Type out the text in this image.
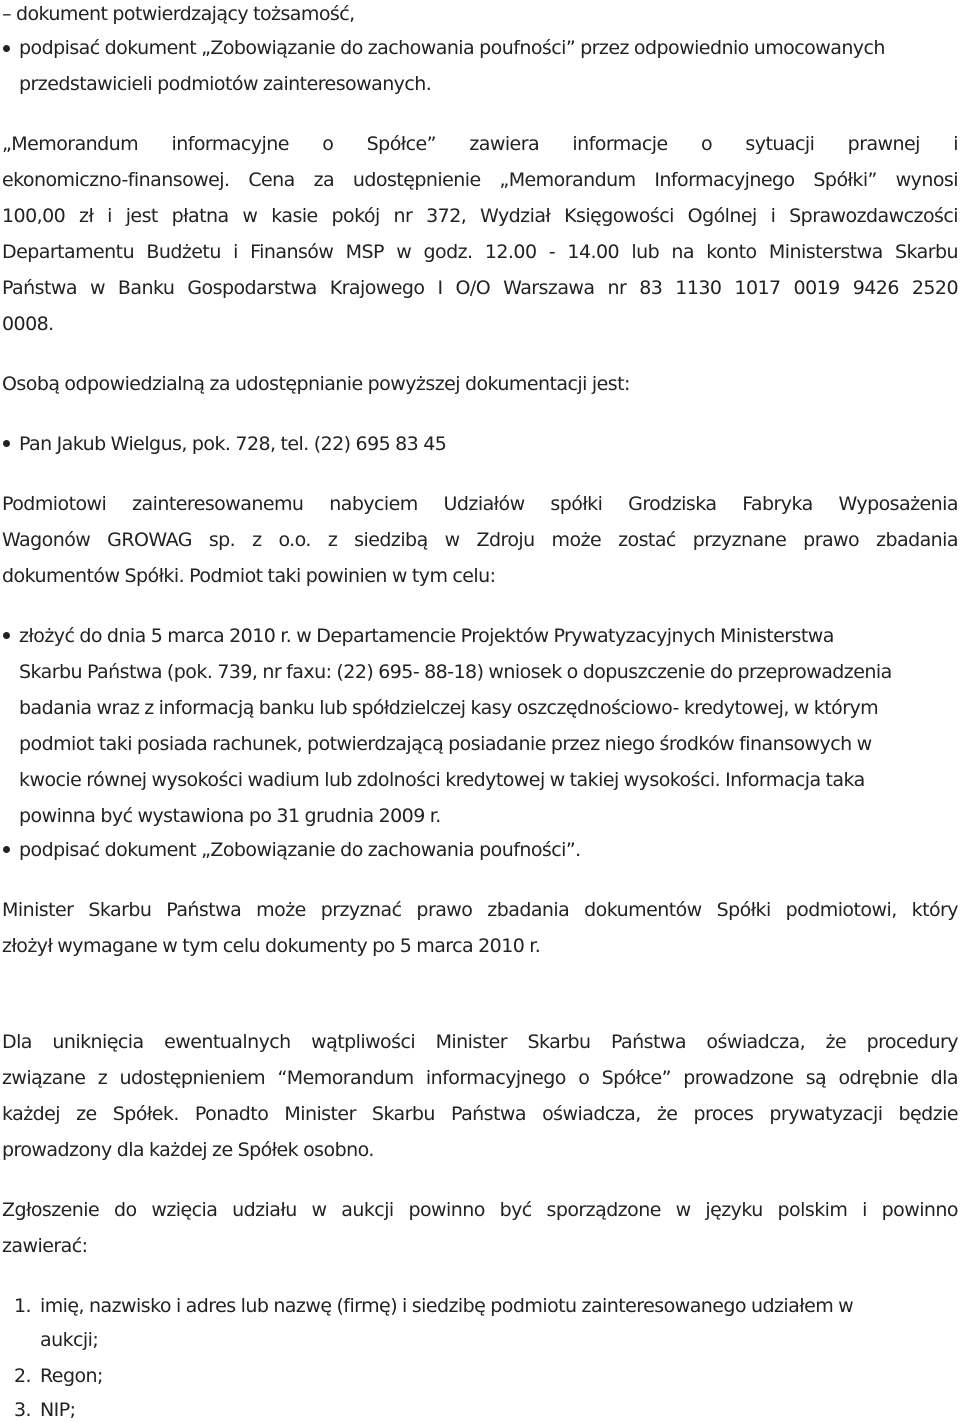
– dokument potwierdzający tożsamość,
podpisać dokument „Zobowiązanie do zachowania poufności” przez odpowiednio umocowanych
przedstawicieli podmiotów zainteresowanych.
„Memorandum informacyjne o Spółce” zawiera informacje o sytuacji prawnej i
ekonomiczno-finansowej. Cena za udostępnienie „Memorandum Informacyjnego Spółki” wynosi
100,00 zł i jest płatna w kasie pokój nr 372, Wydział Księgowości Ogólnej i Sprawozdawczości
Departamentu Budżetu i Finansów MSP w godz. 12.00 - 14.00 lub na konto Ministerstwa Skarbu
Państwa w Banku Gospodarstwa Krajowego I O/O Warszawa nr 83 1130 1017 0019 9426 2520
0008.
Osobą odpowiedzialną za udostępnianie powyższej dokumentacji jest:
Pan Jakub Wielgus, pok. 728, tel. (22) 695 83 45
Podmiotowi zainteresowanemu nabyciem Udziałów spółki Grodziska Fabryka Wyposażenia
Wagonów GROWAG sp. z o.o. z siedzibą w Zdroju może zostać przyznane prawo zbadania
dokumentów Spółki. Podmiot taki powinien w tym celu:
złożyć do dnia 5 marca 2010 r. w Departamencie Projektów Prywatyzacyjnych Ministerstwa
Skarbu Państwa (pok. 739, nr faxu: (22) 695- 88-18) wniosek o dopuszczenie do przeprowadzenia
badania wraz z informacją banku lub spółdzielczej kasy oszczędnościowo- kredytowej, w którym
podmiot taki posiada rachunek, potwierdzającą posiadanie przez niego środków finansowych w
kwocie równej wysokości wadium lub zdolności kredytowej w takiej wysokości. Informacja taka
powinna być wystawiona po 31 grudnia 2009 r.
podpisać dokument „Zobowiązanie do zachowania poufności”.
Minister Skarbu Państwa może przyznać prawo zbadania dokumentów Spółki podmiotowi, który
złożył wymagane w tym celu dokumenty po 5 marca 2010 r.
Dla uniknięcia ewentualnych wątpliwości Minister Skarbu Państwa oświadcza, że procedury
związane z udostępnieniem “Memorandum informacyjnego o Spółce” prowadzone są odrębnie dla
każdej ze Spółek. Ponadto Minister Skarbu Państwa oświadcza, że proces prywatyzacji będzie
prowadzony dla każdej ze Spółek osobno.
Zgłoszenie do wzięcia udziału w aukcji powinno być sporządzone w języku polskim i powinno
zawierać:
1. imię, nazwisko i adres lub nazwę (firmę) i siedzibę podmiotu zainteresowanego udziałem w
aukcji;
2. Regon;
3. NIP;
